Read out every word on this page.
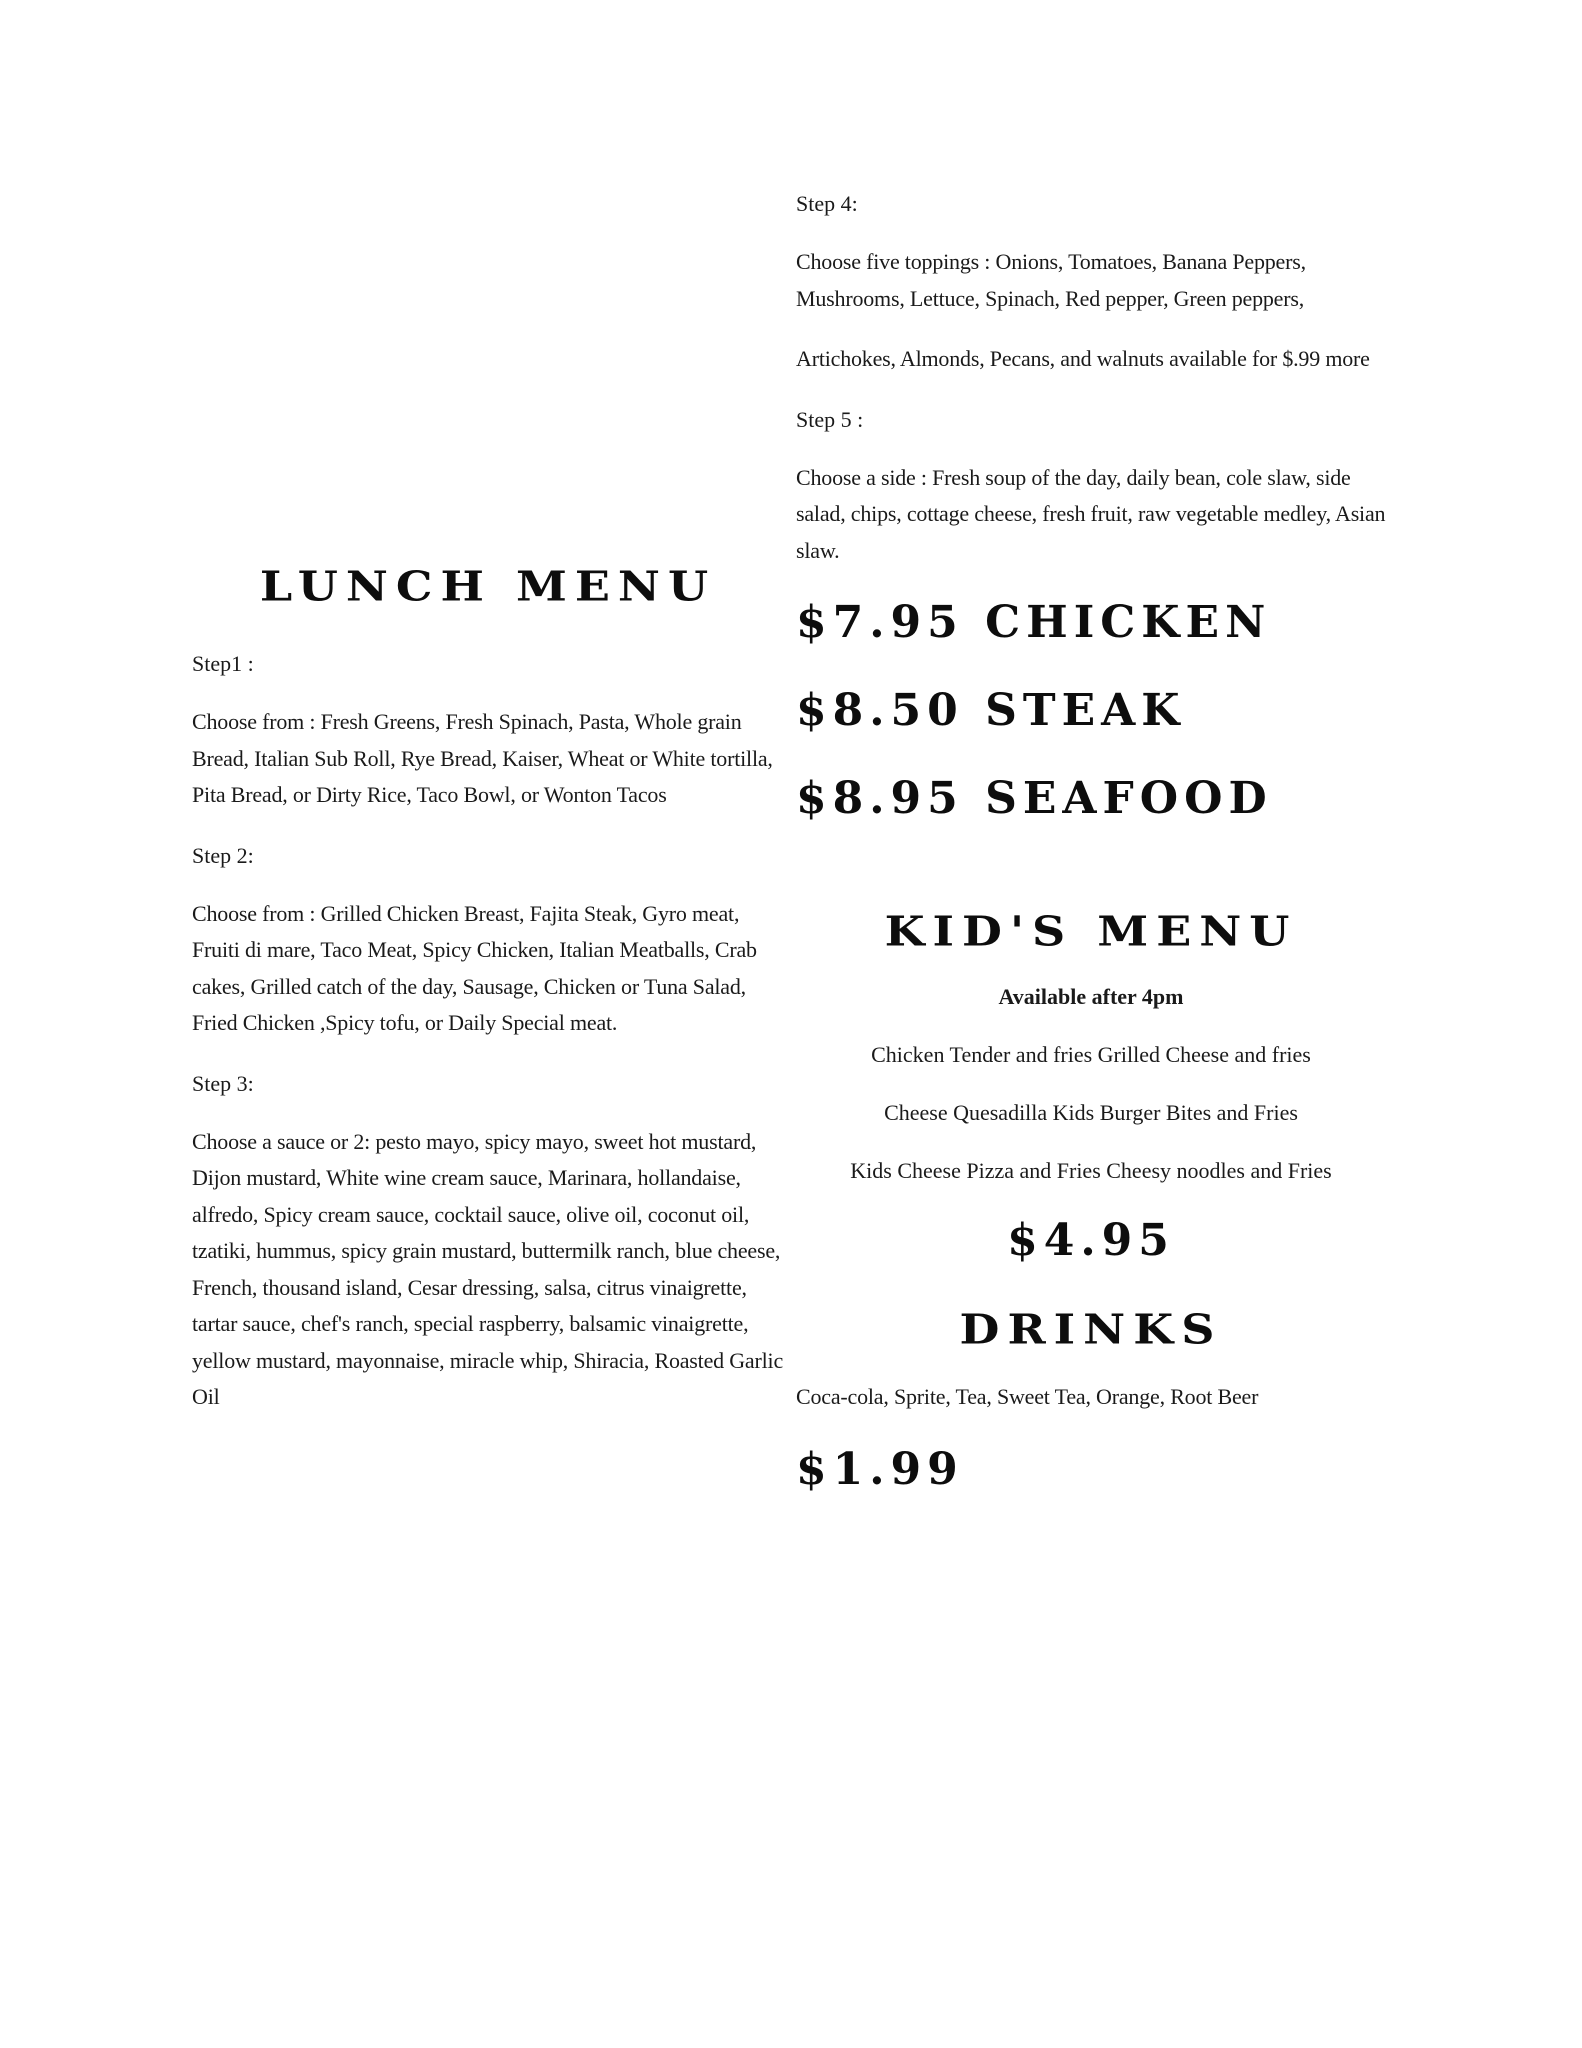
LUNCH MENU

Step1 :

Choose from : Fresh Greens, Fresh Spinach, Pasta, Whole grain Bread, Italian Sub Roll, Rye Bread, Kaiser, Wheat or White tortilla, Pita Bread, or Dirty Rice, Taco Bowl, or Wonton Tacos

Step 2:

Choose from : Grilled Chicken Breast, Fajita Steak, Gyro meat, Fruiti di mare, Taco Meat, Spicy Chicken, Italian Meatballs, Crab cakes, Grilled catch of the day, Sausage, Chicken or Tuna Salad, Fried Chicken ,Spicy tofu, or Daily Special meat.

Step 3:

Choose a sauce or 2: pesto mayo, spicy mayo, sweet hot mustard, Dijon mustard, White wine cream sauce, Marinara, hollandaise, alfredo, Spicy cream sauce, cocktail sauce, olive oil, coconut oil, tzatiki, hummus, spicy grain mustard, buttermilk ranch, blue cheese, French, thousand island, Cesar dressing, salsa, citrus vinaigrette, tartar sauce, chef's ranch, special raspberry, balsamic vinaigrette, yellow mustard, mayonnaise, miracle whip, Shiracia, Roasted Garlic Oil

Step 4:

Choose five toppings : Onions, Tomatoes, Banana Peppers, Mushrooms, Lettuce, Spinach, Red pepper, Green peppers,

Artichokes, Almonds, Pecans, and walnuts available for $.99 more

Step 5 :

Choose a side : Fresh soup of the day, daily bean, cole slaw, side salad, chips, cottage cheese, fresh fruit, raw vegetable medley, Asian slaw.

$7.95 CHICKEN
$8.50 STEAK
$8.95 SEAFOOD
KID'S MENU

Available after 4pm

Chicken Tender and fries Grilled Cheese and fries

Cheese Quesadilla Kids Burger Bites and Fries

Kids Cheese Pizza and Fries Cheesy noodles and Fries

$4.95
DRINKS

Coca-cola, Sprite, Tea, Sweet Tea, Orange, Root Beer

$1.99
